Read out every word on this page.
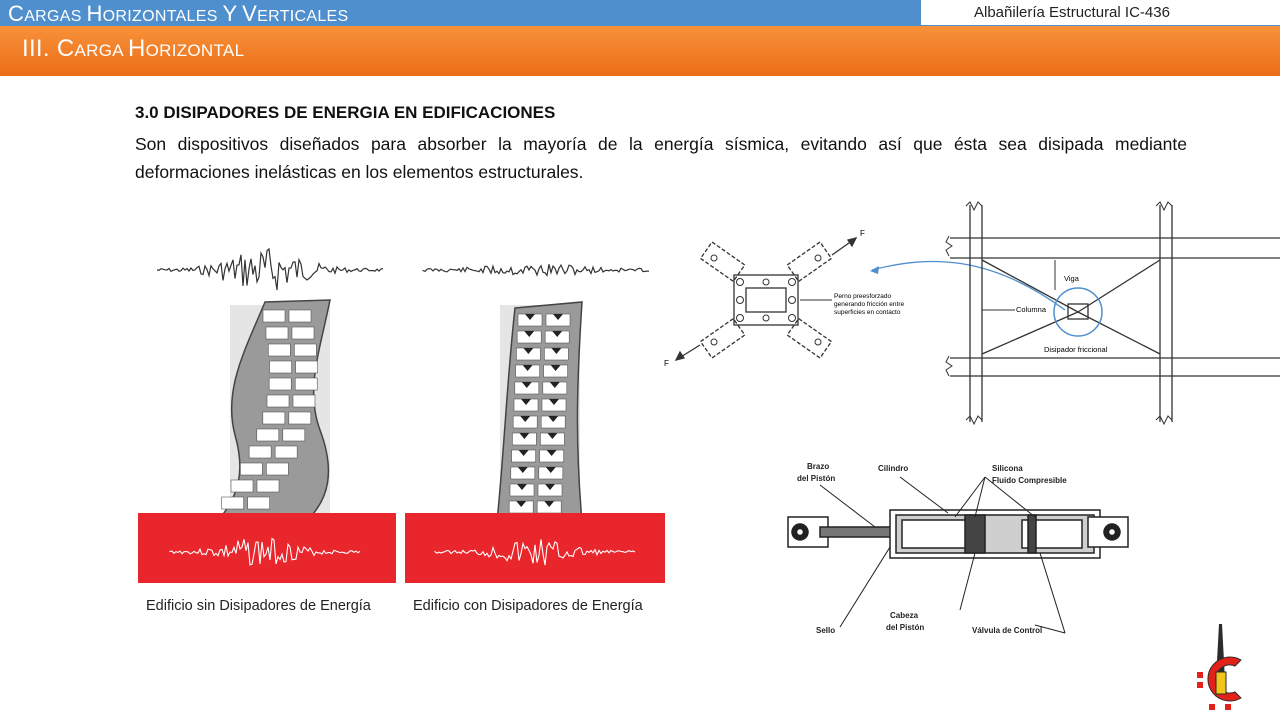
CARGAS HORIZONTALES Y VERTICALES	Albañilería Estructural IC-436
III. CARGA HORIZONTAL
3.0 DISIPADORES DE ENERGIA EN EDIFICACIONES
Son dispositivos diseñados para absorber la mayoría de la energía sísmica, evitando así que ésta sea disipada mediante deformaciones inelásticas en los elementos estructurales.
Edificio sin Disipadores de Energía	Edificio con Disipadores de Energía
F
F
Perno preesforzado
generando fricción entre
superficies en contacto
Viga
Columna
Disipador friccional
Brazo
del Pistón
Cilindro	Silicona
Fluido Compresible
Sello
Cabeza
del Pistón	Válvula de Control
